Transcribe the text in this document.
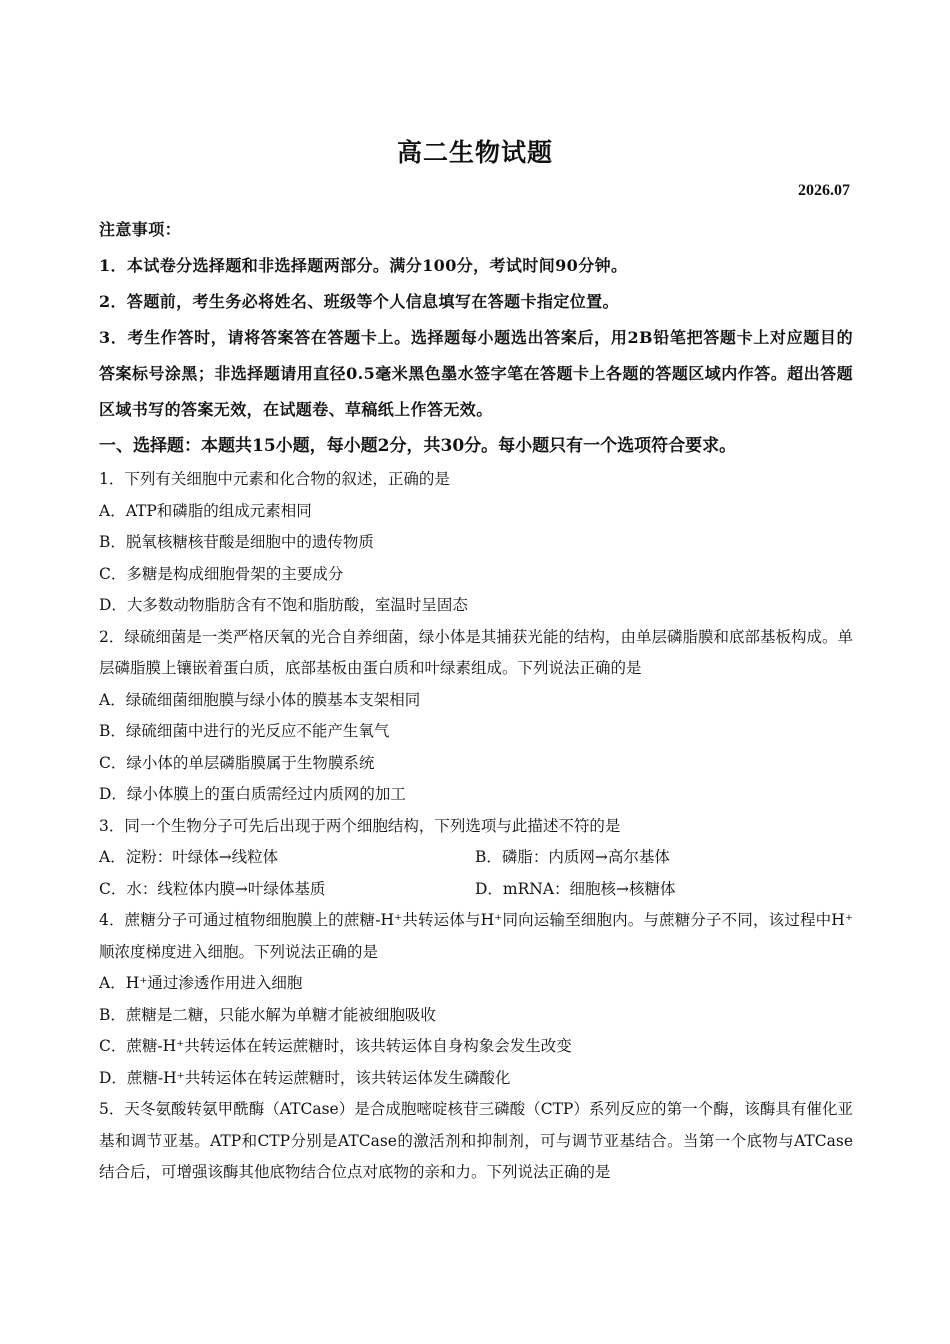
高二生物试题
2026.07
注意事项：
1．本试卷分选择题和非选择题两部分。满分100分，考试时间90分钟。
2．答题前，考生务必将姓名、班级等个人信息填写在答题卡指定位置。
3．考生作答时，请将答案答在答题卡上。选择题每小题选出答案后，用2B铅笔把答题卡上对应题目的答案标号涂黑；非选择题请用直径0.5毫米黑色墨水签字笔在答题卡上各题的答题区域内作答。超出答题区域书写的答案无效，在试题卷、草稿纸上作答无效。
一、选择题：本题共15小题，每小题2分，共30分。每小题只有一个选项符合要求。
1．下列有关细胞中元素和化合物的叙述，正确的是
A．ATP和磷脂的组成元素相同
B．脱氧核糖核苷酸是细胞中的遗传物质
C．多糖是构成细胞骨架的主要成分
D．大多数动物脂肪含有不饱和脂肪酸，室温时呈固态
2．绿硫细菌是一类严格厌氧的光合自养细菌，绿小体是其捕获光能的结构，由单层磷脂膜和底部基板构成。单层磷脂膜上镶嵌着蛋白质，底部基板由蛋白质和叶绿素组成。下列说法正确的是
A．绿硫细菌细胞膜与绿小体的膜基本支架相同
B．绿硫细菌中进行的光反应不能产生氧气
C．绿小体的单层磷脂膜属于生物膜系统
D．绿小体膜上的蛋白质需经过内质网的加工
3．同一个生物分子可先后出现于两个细胞结构，下列选项与此描述不符的是
A．淀粉：叶绿体→线粒体	B．磷脂：内质网→高尔基体
C．水：线粒体内膜→叶绿体基质	D．mRNA：细胞核→核糖体
4．蔗糖分子可通过植物细胞膜上的蔗糖-H⁺共转运体与H⁺同向运输至细胞内。与蔗糖分子不同，该过程中H⁺顺浓度梯度进入细胞。下列说法正确的是
A．H⁺通过渗透作用进入细胞
B．蔗糖是二糖，只能水解为单糖才能被细胞吸收
C．蔗糖-H⁺共转运体在转运蔗糖时，该共转运体自身构象会发生改变
D．蔗糖-H⁺共转运体在转运蔗糖时，该共转运体发生磷酸化
5．天冬氨酸转氨甲酰酶（ATCase）是合成胞嘧啶核苷三磷酸（CTP）系列反应的第一个酶，该酶具有催化亚基和调节亚基。ATP和CTP分别是ATCase的激活剂和抑制剂，可与调节亚基结合。当第一个底物与ATCase结合后，可增强该酶其他底物结合位点对底物的亲和力。下列说法正确的是
